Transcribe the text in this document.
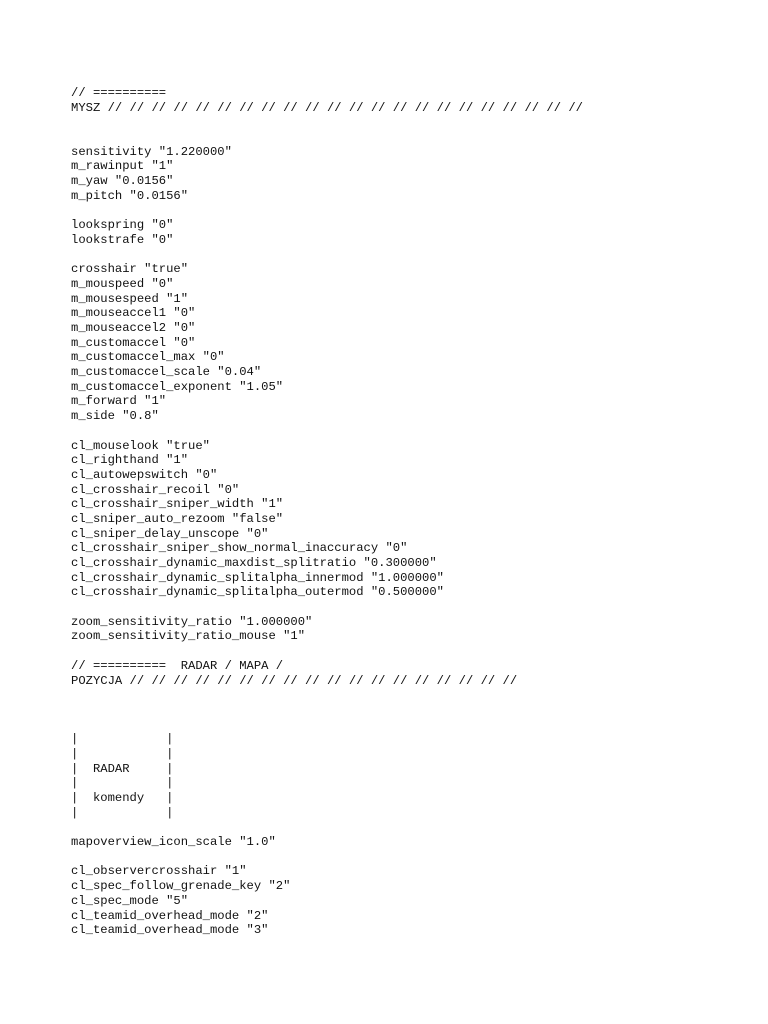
// ==========
MYSZ // // // // // // // // // // // // // // // // // // // // // //

sensitivity "1.220000"
m_rawinput "1"
m_yaw "0.0156"
m_pitch "0.0156"

lookspring "0"
lookstrafe "0"

crosshair "true"
m_mouspeed "0"
m_mousespeed "1"
m_mouseaccel1 "0"
m_mouseaccel2 "0"
m_customaccel "0"
m_customaccel_max "0"
m_customaccel_scale "0.04"
m_customaccel_exponent "1.05"
m_forward "1"
m_side "0.8"

cl_mouselook "true"
cl_righthand "1"
cl_autowepswitch "0"
cl_crosshair_recoil "0"
cl_crosshair_sniper_width "1"
cl_sniper_auto_rezoom "false"
cl_sniper_delay_unscope "0"
cl_crosshair_sniper_show_normal_inaccuracy "0"
cl_crosshair_dynamic_maxdist_splitratio "0.300000"
cl_crosshair_dynamic_splitalpha_innermod "1.000000"
cl_crosshair_dynamic_splitalpha_outermod "0.500000"

zoom_sensitivity_ratio "1.000000"
zoom_sensitivity_ratio_mouse "1"

// ==========  RADAR / MAPA /
POZYCJA // // // // // // // // // // // // // // // // // //

|            |
|            |
|  RADAR     |
|            |
|  komendy   |
|            |

mapoverview_icon_scale "1.0"

cl_observercrosshair "1"
cl_spec_follow_grenade_key "2"
cl_spec_mode "5"
cl_teamid_overhead_mode "2"
cl_teamid_overhead_mode "3"
